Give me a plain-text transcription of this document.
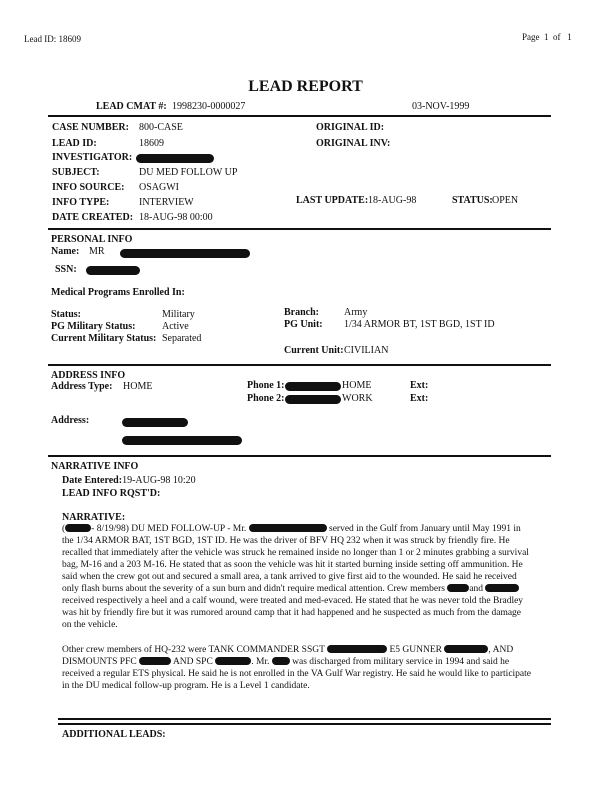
Lead ID: 18609	Page 1 of 1
LEAD REPORT
LEAD CMAT #: 1998230-0000027	03-NOV-1999
CASE NUMBER: 800-CASE
LEAD ID:	18609
INVESTIGATOR:
SUBJECT:	DU MED FOLLOW UP
INFO SOURCE: OSAGWI
INFO TYPE:	INTERVIEW
DATE CREATED: 18-AUG-98 00:00
ORIGINAL ID:
ORIGINAL INV:
LAST UPDATE: 18-AUG-98	STATUS: OPEN
PERSONAL INFO
Name: MR
SSN:
Medical Programs Enrolled In:
Status:	Military
PG Military Status:	Active
Current Military Status: Separated
Branch:	Army
PG Unit: 1/34 ARMOR BT, 1ST BGD, 1ST ID
Current Unit: CIVILIAN
ADDRESS INFO
Address Type: HOME	Phone 1:	HOME	Ext:
Phone 2:	WORK	Ext:
Address:
NARRATIVE INFO
Date Entered:19-AUG-98 10:20
LEAD INFO RQST'D:
NARRATIVE:
(	- 8/19/98) DU MED FOLLOW-UP - Mr.	served in the Gulf from January until May 1991 in the 1/34 ARMOR BAT, 1ST BGD, 1ST ID. He was the driver of BFV HQ 232 when it was struck by friendly fire. He recalled that immediately after the vehicle was struck he remained inside no longer than 1 or 2 minutes grabbing a survival bag, M-16 and a 203 M-16. He stated that as soon the vehicle was hit it started burning inside setting off ammunition. He said when the crew got out and secured a small area, a tank arrived to give first aid to the wounded. He said he received only flash burns about the severity of a sun burn and didn't require medical attention. Crew members	and received respectively a heel and a calf wound, were treated and med-evaced. He stated that he was never told the Bradley was hit by friendly fire but it was rumored around camp that it had happened and he suspected as much from the damage on the vehicle.
Other crew members of HQ-232 were TANK COMMANDER SSGT	E5 GUNNER	, AND DISMOUNTS PFC	AND SPC	. Mr. was discharged from military service in 1994 and said he received a regular ETS physical. He said he is not enrolled in the VA Gulf War registry. He said he would like to participate in the DU medical follow-up program. He is a Level 1 candidate.
ADDITIONAL LEADS:
